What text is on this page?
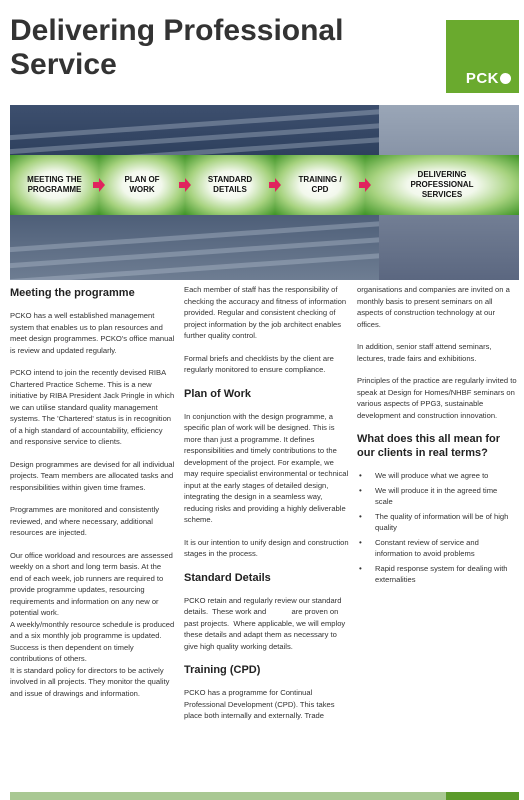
Delivering Professional
Service	PCK
MEETING THE
PROGRAMME
PLAN OF
WORK
STANDARD
DETAILS
TRAINING /
CPD
DELIVERING
PROFESSIONAL
SERVICES
Meeting the programme

PCKO has a well established management system that enables us to plan resources and meet design programmes. PCKO's office manual is review and updated regularly.

PCKO intend to join the recently devised RIBA Chartered Practice Scheme. This is a new initiative by RIBA President Jack Pringle in which we can utilise standard quality management systems. The 'Chartered' status is in recognition of a high standard of accountability, efficiency and responsive service to clients.

Design programmes are devised for all individual projects. Team members are allocated tasks and responsibilities within given time frames.

Programmes are monitored and consistently reviewed, and where necessary, additional resources are injected.

Our office workload and resources are assessed weekly on a short and long term basis. At the end of each week, job runners are required to provide programme updates, resourcing requirements and information on any new or potential work.

A weekly/monthly resource schedule is produced and a six monthly job programme is updated. Success is then dependent on timely contributions of others.

It is standard policy for directors to be actively involved in all projects. They monitor the quality and issue of drawings and information.

Each member of staff has the responsibility of checking the accuracy and fitness of information provided. Regular and consistent checking of project information by the job architect enables further quality control.

Formal briefs and checklists by the client are regularly monitored to ensure compliance.

Plan of Work

In conjunction with the design programme, a specific plan of work will be designed. This is more than just a programme. It defines responsibilities and timely contributions to the development of the project. For example, we may require specialist environmental or technical input at the early stages of detailed design, integrating the design in a seamless way, reducing risks and providing a highly deliverable scheme.

It is our intention to unify design and construction stages in the process.

Standard Details

PCKO retain and regularly review our standard details.  These work and            are proven on past projects.  Where applicable, we will employ these details and adapt them as necessary to give high quality working details.

Training (CPD)

PCKO has a programme for Continual Professional Development (CPD). This takes place both internally and externally. Trade

organisations and companies are invited on a monthly basis to present seminars on all aspects of construction technology at our offices.

In addition, senior staff attend seminars, lectures, trade fairs and exhibitions.

Principles of the practice are regularly invited to speak at Design for Homes/NHBF seminars on various aspects of PPG3, sustainable development and construction innovation.

What does this all mean for our clients in real terms?
• We will produce what we agree to
• We will produce it in the agreed time scale
• The quality of information will be of high quality
• Constant review of service and information to avoid problems
• Rapid response system for dealing with externalities
